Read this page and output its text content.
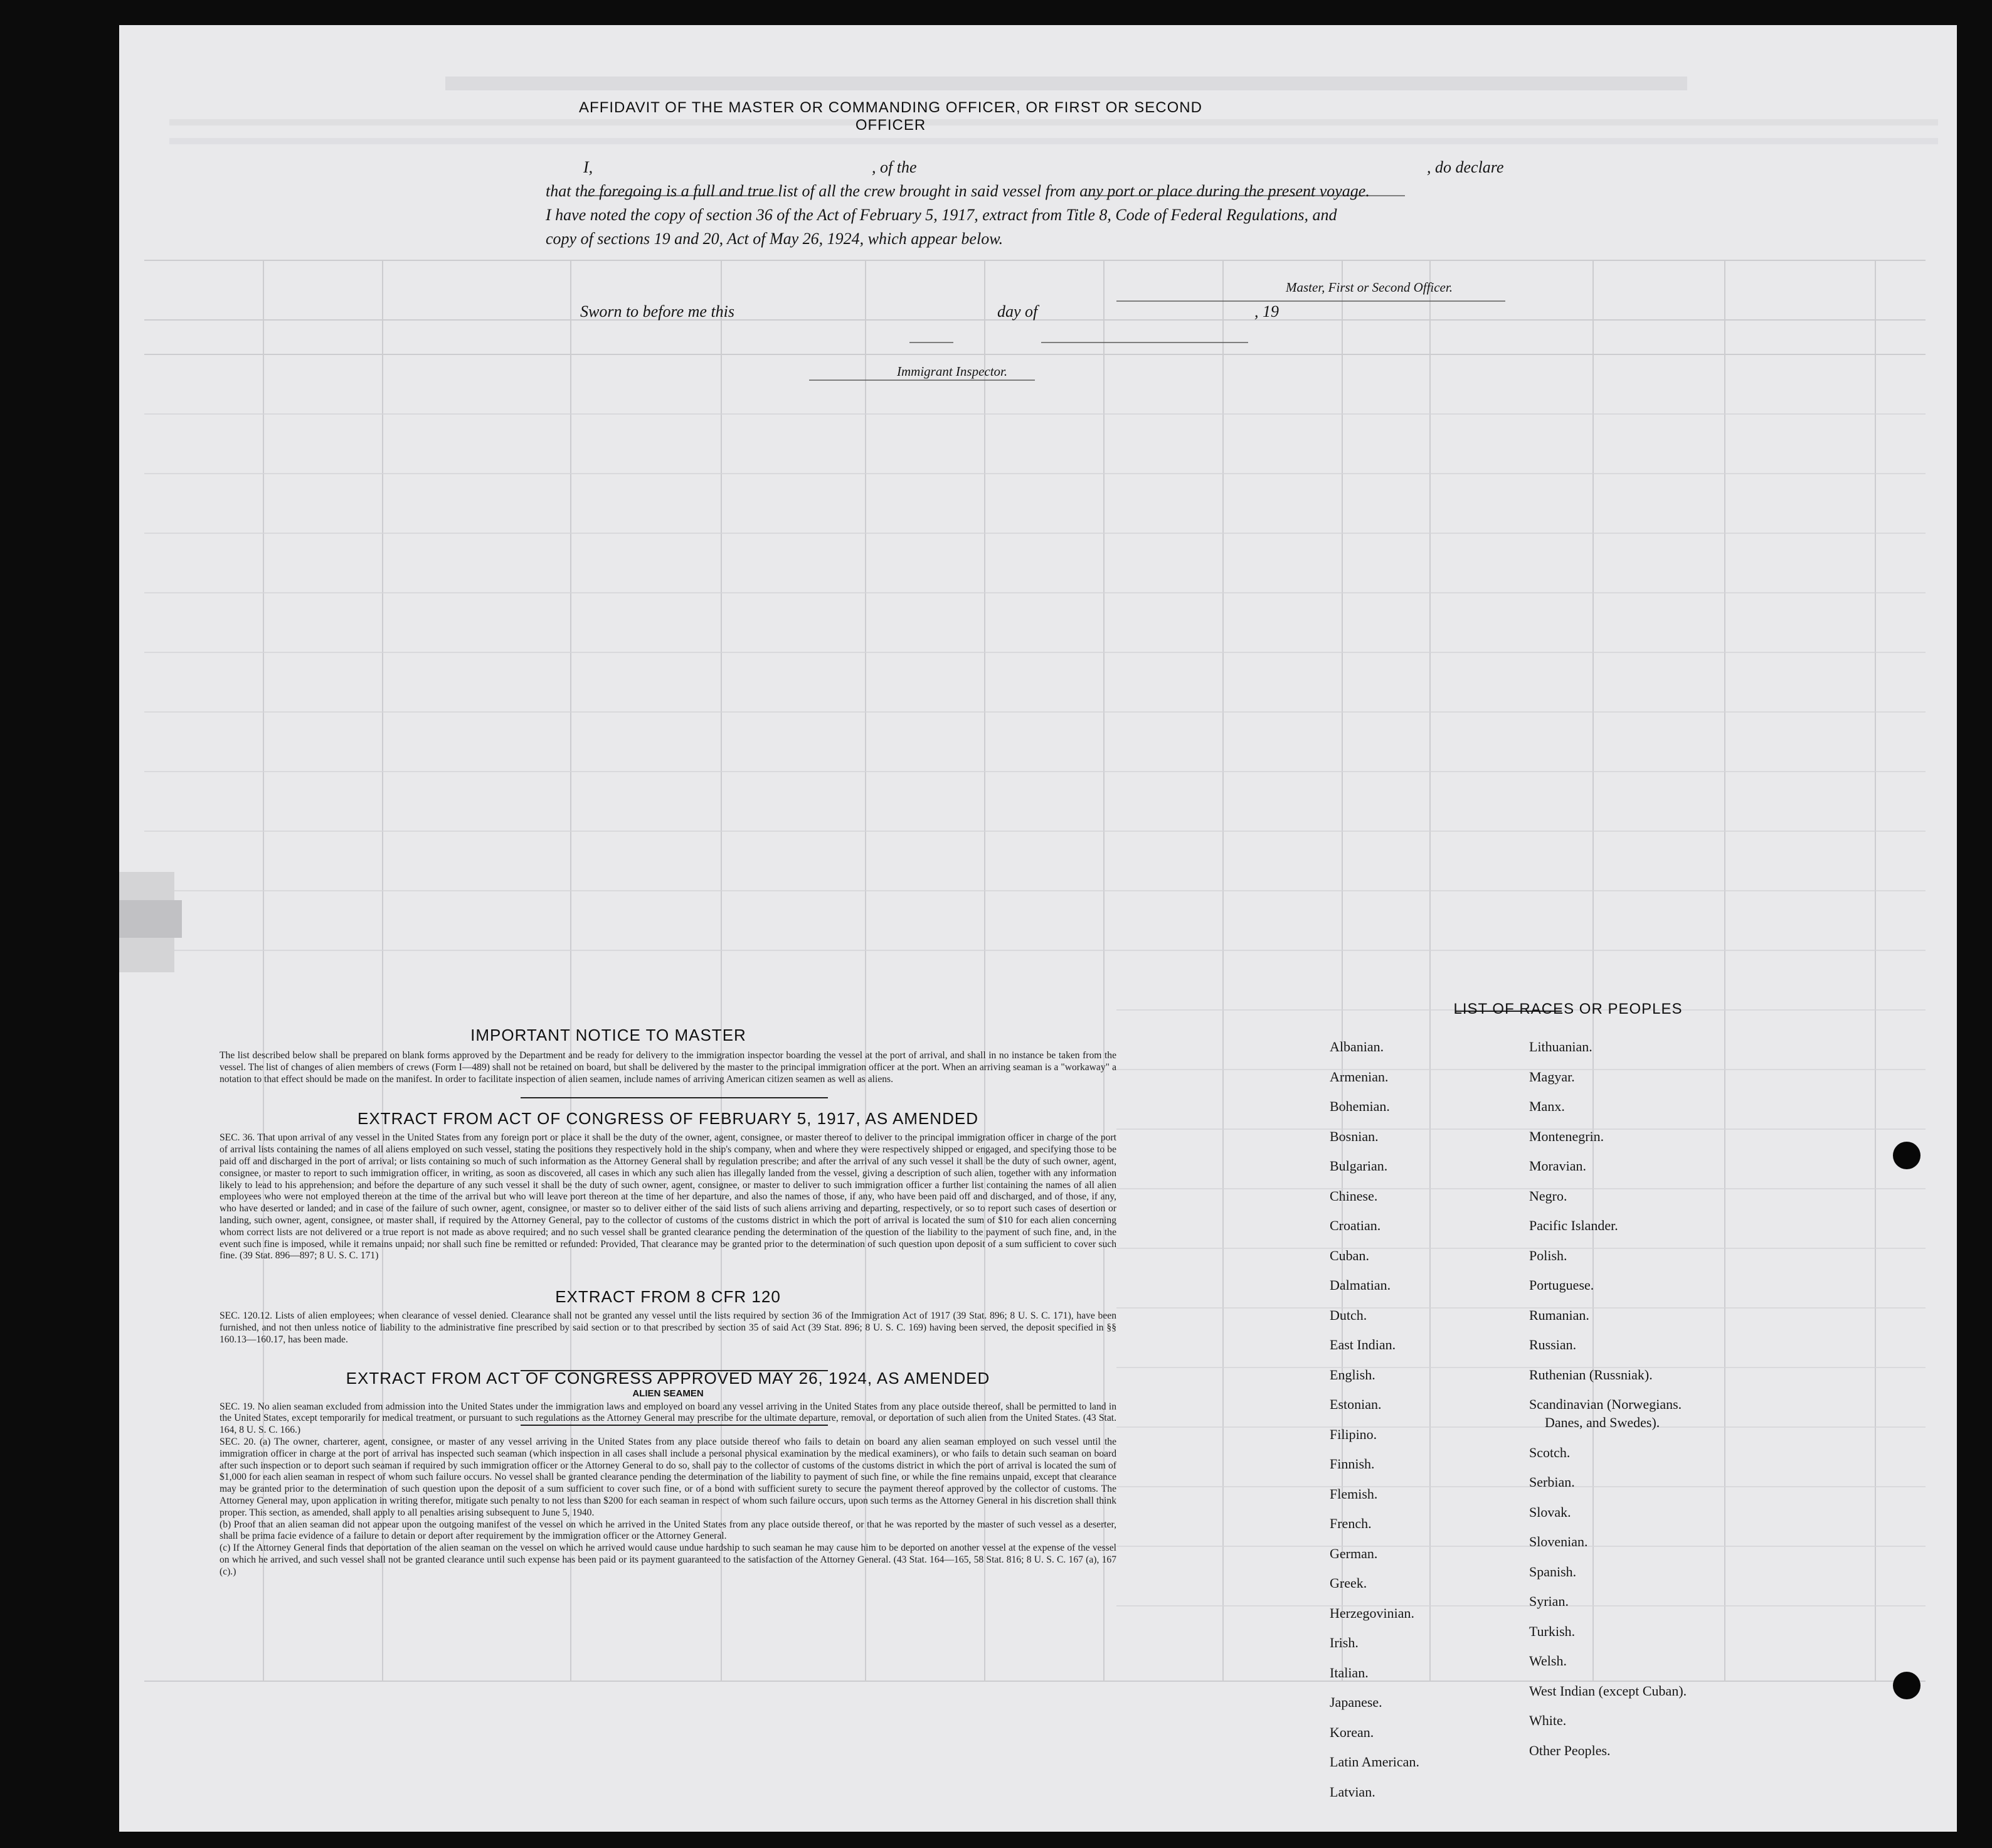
AFFIDAVIT OF THE MASTER OR COMMANDING OFFICER, OR FIRST OR SECOND OFFICER
I,	, of the	, do declare
that the foregoing is a full and true list of all the crew brought in said vessel from any port or place during the present voyage.
I have noted the copy of section 36 of the Act of February 5, 1917, extract from Title 8, Code of Federal Regulations, and
copy of sections 19 and 20, Act of May 26, 1924, which appear below.
Master, First or Second Officer.
Sworn to before me this	day of	, 19
Immigrant Inspector.
IMPORTANT NOTICE TO MASTER
The list described below shall be prepared on blank forms approved by the Department and be ready for delivery to the immigration inspector boarding the vessel at the port of arrival, and shall in no instance be taken from the vessel. The list of changes of alien members of crews (Form I—489) shall not be retained on board, but shall be delivered by the master to the principal immigration officer at the port. When an arriving seaman is a "workaway" a notation to that effect should be made on the manifest. In order to facilitate inspection of alien seamen, include names of arriving American citizen seamen as well as aliens.
EXTRACT FROM ACT OF CONGRESS OF FEBRUARY 5, 1917, AS AMENDED
SEC. 36. That upon arrival of any vessel in the United States from any foreign port or place it shall be the duty of the owner, agent, consignee, or master thereof to deliver to the principal immigration officer in charge of the port of arrival lists containing the names of all aliens employed on such vessel, stating the positions they respectively hold in the ship's company, when and where they were respectively shipped or engaged, and specifying those to be paid off and discharged in the port of arrival; or lists containing so much of such information as the Attorney General shall by regulation prescribe; and after the arrival of any such vessel it shall be the duty of such owner, agent, consignee, or master to report to such immigration officer, in writing, as soon as discovered, all cases in which any such alien has illegally landed from the vessel, giving a description of such alien, together with any information likely to lead to his apprehension; and before the departure of any such vessel it shall be the duty of such owner, agent, consignee, or master to deliver to such immigration officer a further list containing the names of all alien employees who were not employed thereon at the time of the arrival but who will leave port thereon at the time of her departure, and also the names of those, if any, who have been paid off and discharged, and of those, if any, who have deserted or landed; and in case of the failure of such owner, agent, consignee, or master so to deliver either of the said lists of such aliens arriving and departing, respectively, or so to report such cases of desertion or landing, such owner, agent, consignee, or master shall, if required by the Attorney General, pay to the collector of customs of the customs district in which the port of arrival is located the sum of $10 for each alien concerning whom correct lists are not delivered or a true report is not made as above required; and no such vessel shall be granted clearance pending the determination of the question of the liability to the payment of such fine, and, in the event such fine is imposed, while it remains unpaid; nor shall such fine be remitted or refunded: Provided, That clearance may be granted prior to the determination of such question upon deposit of a sum sufficient to cover such fine. (39 Stat. 896—897; 8 U. S. C. 171)
EXTRACT FROM 8 CFR 120
SEC. 120.12. Lists of alien employees; when clearance of vessel denied. Clearance shall not be granted any vessel until the lists required by section 36 of the Immigration Act of 1917 (39 Stat. 896; 8 U. S. C. 171), have been furnished, and not then unless notice of liability to the administrative fine prescribed by said section or to that prescribed by section 35 of said Act (39 Stat. 896; 8 U. S. C. 169) having been served, the deposit specified in §§ 160.13—160.17, has been made.
EXTRACT FROM ACT OF CONGRESS APPROVED MAY 26, 1924, AS AMENDED
ALIEN SEAMEN
SEC. 19. No alien seaman excluded from admission into the United States under the immigration laws and employed on board any vessel arriving in the United States from any place outside thereof, shall be permitted to land in the United States, except temporarily for medical treatment, or pursuant to such regulations as the Attorney General may prescribe for the ultimate departure, removal, or deportation of such alien from the United States. (43 Stat. 164, 8 U. S. C. 166.)
SEC. 20. (a) The owner, charterer, agent, consignee, or master of any vessel arriving in the United States from any place outside thereof who fails to detain on board any alien seaman employed on such vessel until the immigration officer in charge at the port of arrival has inspected such seaman (which inspection in all cases shall include a personal physical examination by the medical examiners), or who fails to detain such seaman on board after such inspection or to deport such seaman if required by such immigration officer or the Attorney General to do so, shall pay to the collector of customs of the customs district in which the port of arrival is located the sum of $1,000 for each alien seaman in respect of whom such failure occurs. No vessel shall be granted clearance pending the determination of the liability to payment of such fine, or while the fine remains unpaid, except that clearance may be granted prior to the determination of such question upon the deposit of a sum sufficient to cover such fine, or of a bond with sufficient surety to secure the payment thereof approved by the collector of customs. The Attorney General may, upon application in writing therefor, mitigate such penalty to not less than $200 for each seaman in respect of whom such failure occurs, upon such terms as the Attorney General in his discretion shall think proper. This section, as amended, shall apply to all penalties arising subsequent to June 5, 1940.
(b) Proof that an alien seaman did not appear upon the outgoing manifest of the vessel on which he arrived in the United States from any place outside thereof, or that he was reported by the master of such vessel as a deserter, shall be prima facie evidence of a failure to detain or deport after requirement by the immigration officer or the Attorney General.
(c) If the Attorney General finds that deportation of the alien seaman on the vessel on which he arrived would cause undue hardship to such seaman he may cause him to be deported on another vessel at the expense of the vessel on which he arrived, and such vessel shall not be granted clearance until such expense has been paid or its payment guaranteed to the satisfaction of the Attorney General. (43 Stat. 164—165, 58 Stat. 816; 8 U. S. C. 167 (a), 167 (c).)
LIST OF RACES OR PEOPLES
Albanian.
Armenian.
Bohemian.
Bosnian.
Bulgarian.
Chinese.
Croatian.
Cuban.
Dalmatian.
Dutch.
East Indian.
English.
Estonian.
Filipino.
Finnish.
Flemish.
French.
German.
Greek.
Herzegovinian.
Irish.
Italian.
Japanese.
Korean.
Latin American.
Latvian.
Lithuanian.
Magyar.
Manx.
Montenegrin.
Moravian.
Negro.
Pacific Islander.
Polish.
Portuguese.
Rumanian.
Russian.
Ruthenian (Russniak).
Scandinavian (Norwegians.
Danes, and Swedes).
Scotch.
Serbian.
Slovak.
Slovenian.
Spanish.
Syrian.
Turkish.
Welsh.
West Indian (except Cuban).
White.
Other Peoples.
